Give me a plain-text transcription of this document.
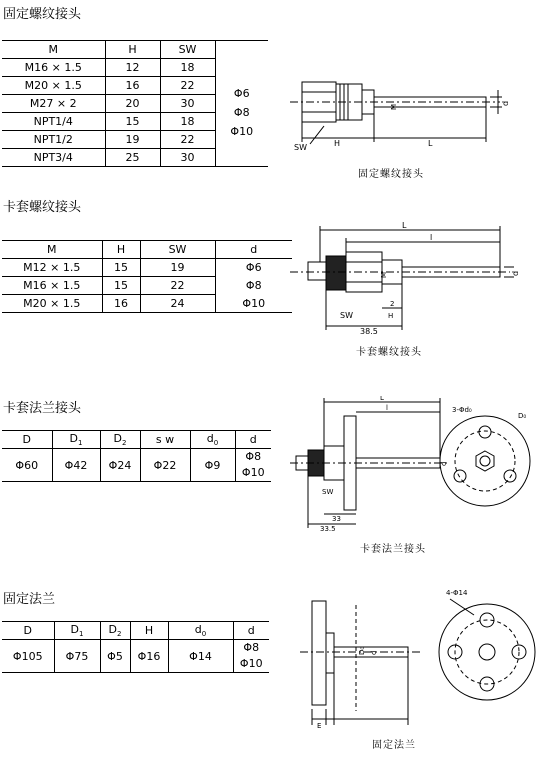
固定螺纹接头
M	H	SW	
M16 × 1.5	12	18	Φ6
Φ8
Φ10

M20 × 1.5	16	22	
M27 × 2	20	30	
NPT1/4	15	18	
NPT1/2	19	22	
NPT3/4	25	30	
SW	H	L
M
d
固定螺纹接头
卡套螺纹接头
M	H	SW	d
M12 × 1.5	15	19	Φ6
M16 × 1.5	15	22	Φ8
M20 × 1.5	16	24	Φ10
L
l
M	d
SW	H
2
38.5
卡套螺纹接头
卡套法兰接头
D	$D_1$	$D_2$	s w	$d_0$	d
Φ60	Φ42	Φ24	Φ22	Φ9	Φ8
Φ10
L
l
SW
33
33.5
3-Φd₀
D₀
d
卡套法兰接头
固定法兰
D	$D_1$	$D_2$	H	$d_0$	d
Φ105	Φ75	Φ5	Φ16	Φ14	Φ8
Φ10
4-Φ14
E
d
D₀
固定法兰
